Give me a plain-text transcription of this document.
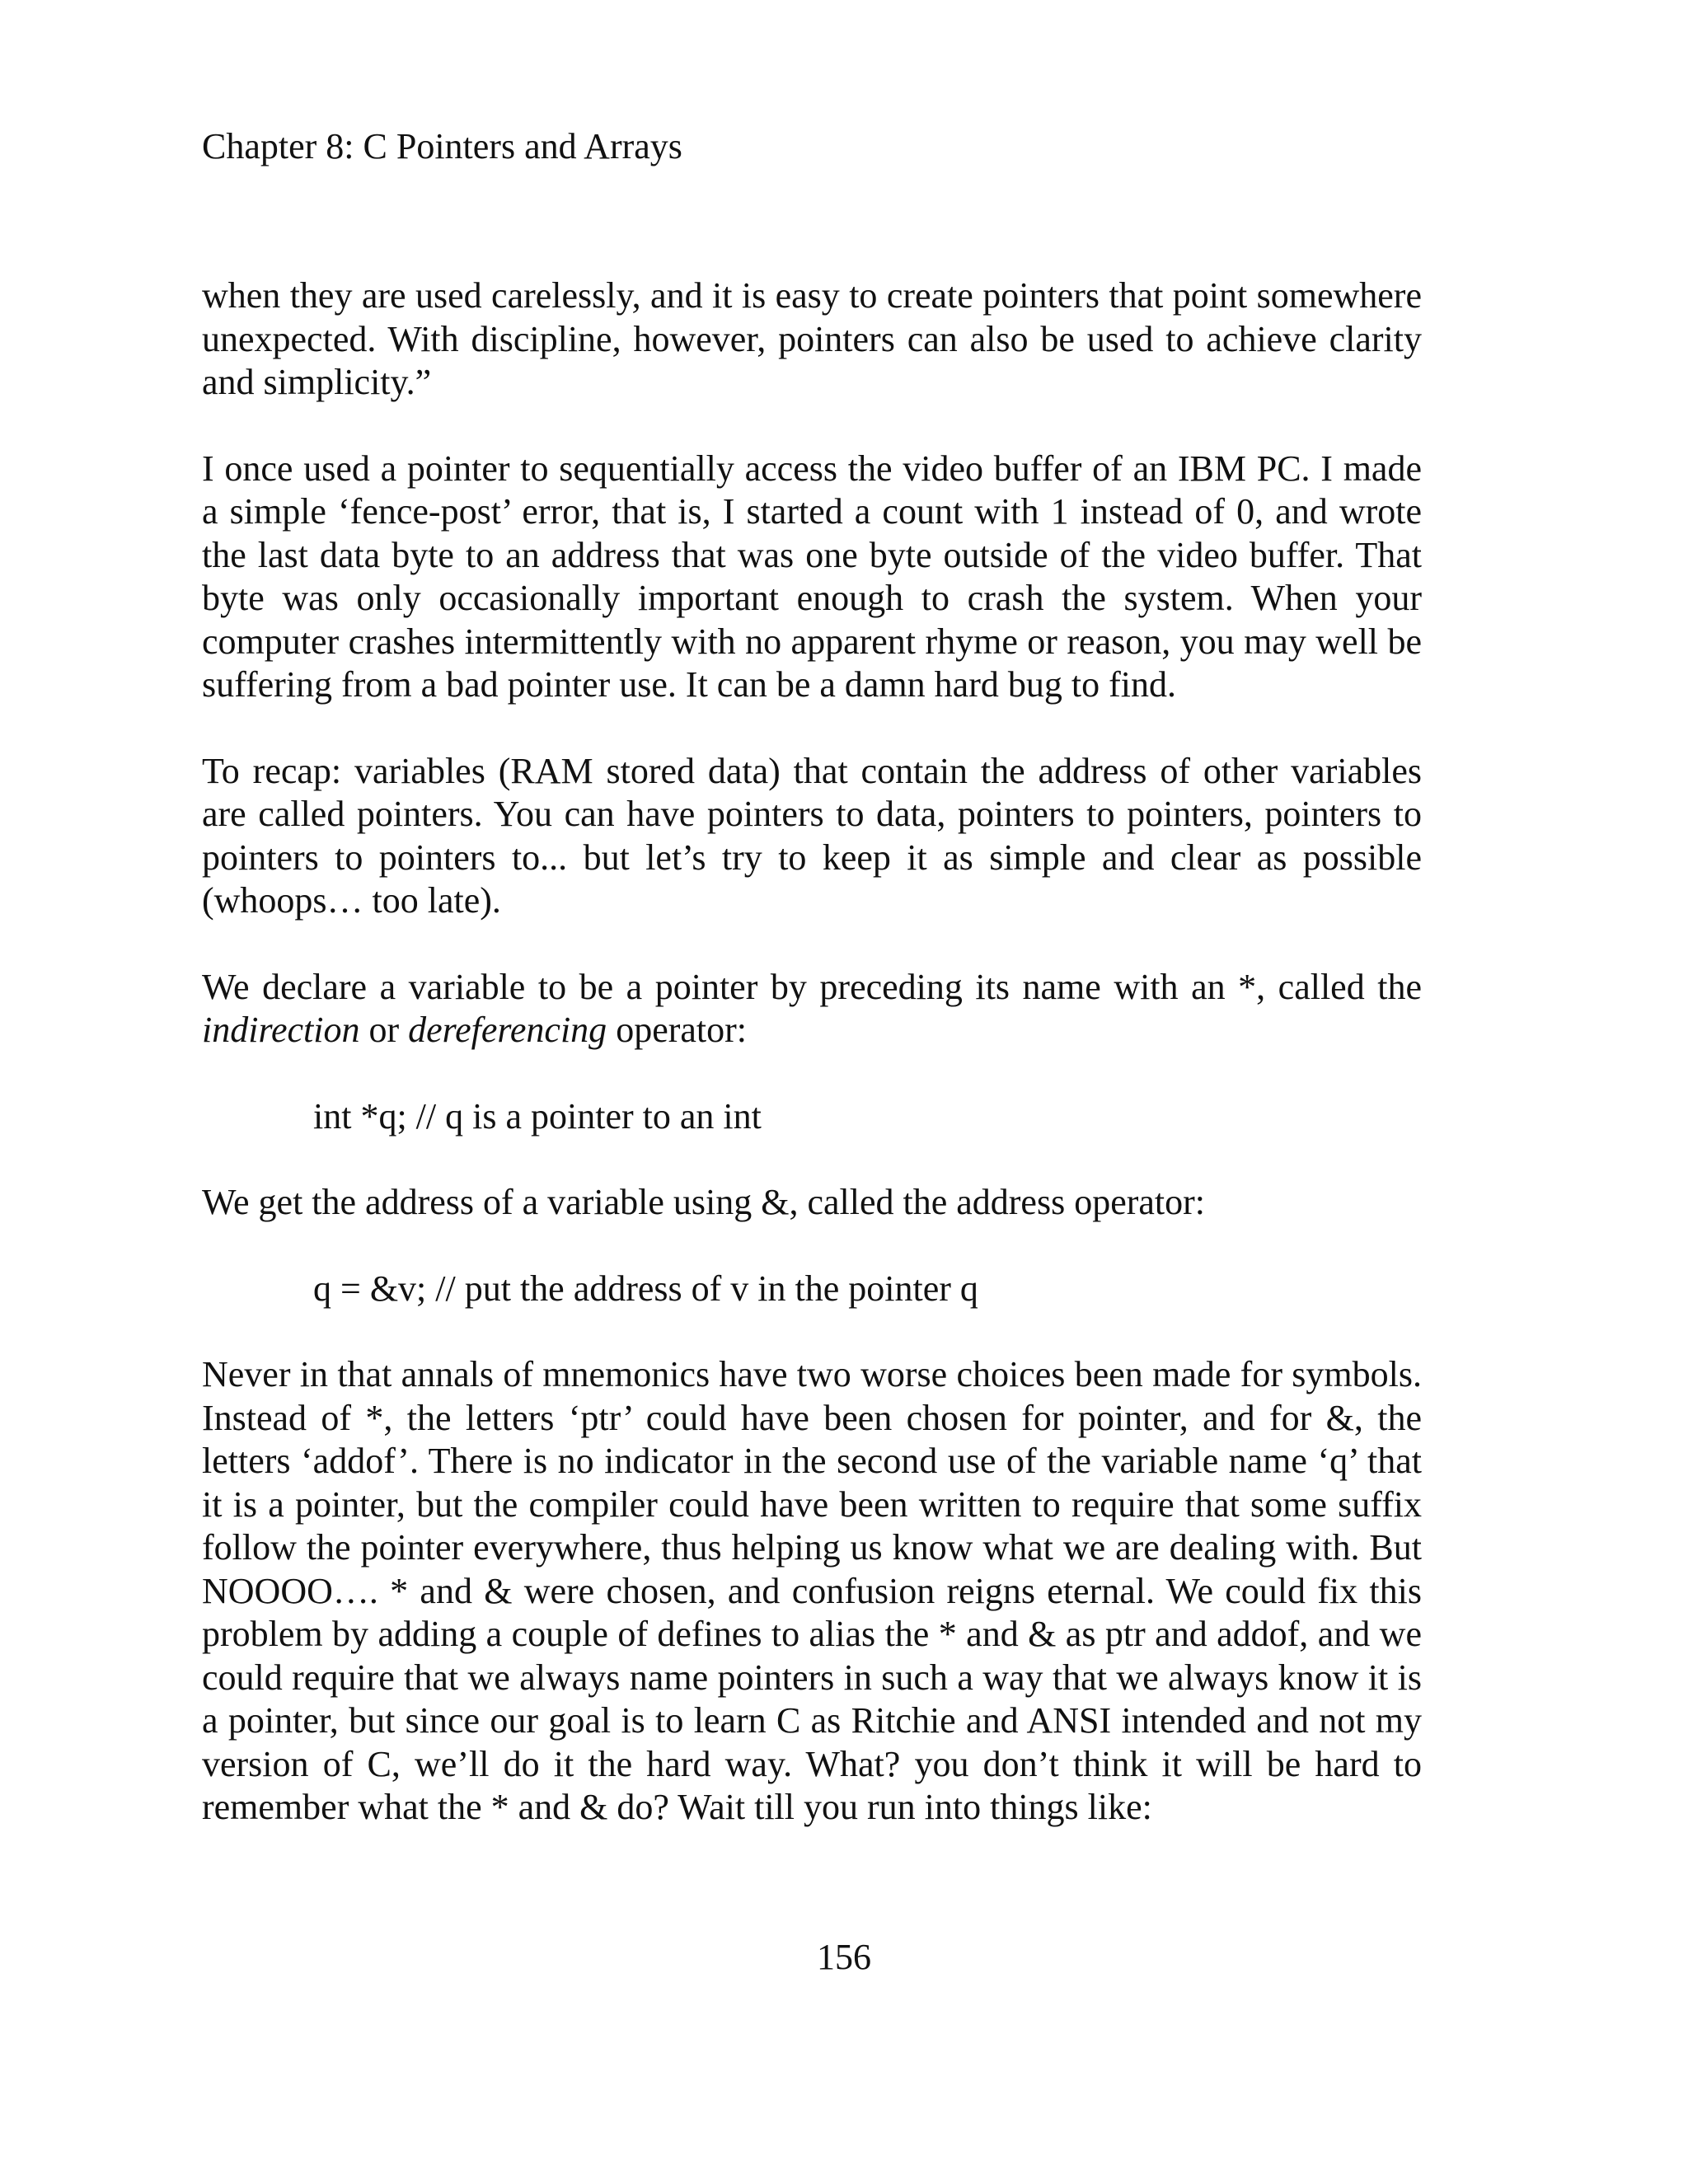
Chapter 8: C Pointers and Arrays

when they are used carelessly, and it is easy to create pointers that point somewhere unexpected. With discipline, however, pointers can also be used to achieve clarity and simplicity.”

I once used a pointer to sequentially access the video buffer of an IBM PC. I made a simple ‘fence-post’ error, that is, I started a count with 1 instead of 0, and wrote the last data byte to an address that was one byte outside of the video buffer. That byte was only occasionally important enough to crash the system. When your computer crashes intermittently with no apparent rhyme or reason, you may well be suffering from a bad pointer use. It can be a damn hard bug to find.

To recap: variables (RAM stored data) that contain the address of other variables are called pointers. You can have pointers to data, pointers to pointers, pointers to pointers to pointers to... but let’s try to keep it as simple and clear as possible (whoops… too late).

We declare a variable to be a pointer by preceding its name with an *, called the indirection or dereferencing operator:

int *q; // q is a pointer to an int

We get the address of a variable using &, called the address operator:

q = &v; // put the address of v in the pointer q

Never in that annals of mnemonics have two worse choices been made for symbols. Instead of *, the letters ‘ptr’ could have been chosen for pointer, and for &, the letters ‘addof’. There is no indicator in the second use of the variable name ‘q’ that it is a pointer, but the compiler could have been written to require that some suffix follow the pointer everywhere, thus helping us know what we are dealing with. But NOOOO…. * and & were chosen, and confusion reigns eternal. We could fix this problem by adding a couple of defines to alias the * and & as ptr and addof, and we could require that we always name pointers in such a way that we always know it is a pointer, but since our goal is to learn C as Ritchie and ANSI intended and not my version of C, we’ll do it the hard way. What? you don’t think it will be hard to remember what the * and & do? Wait till you run into things like:

156
